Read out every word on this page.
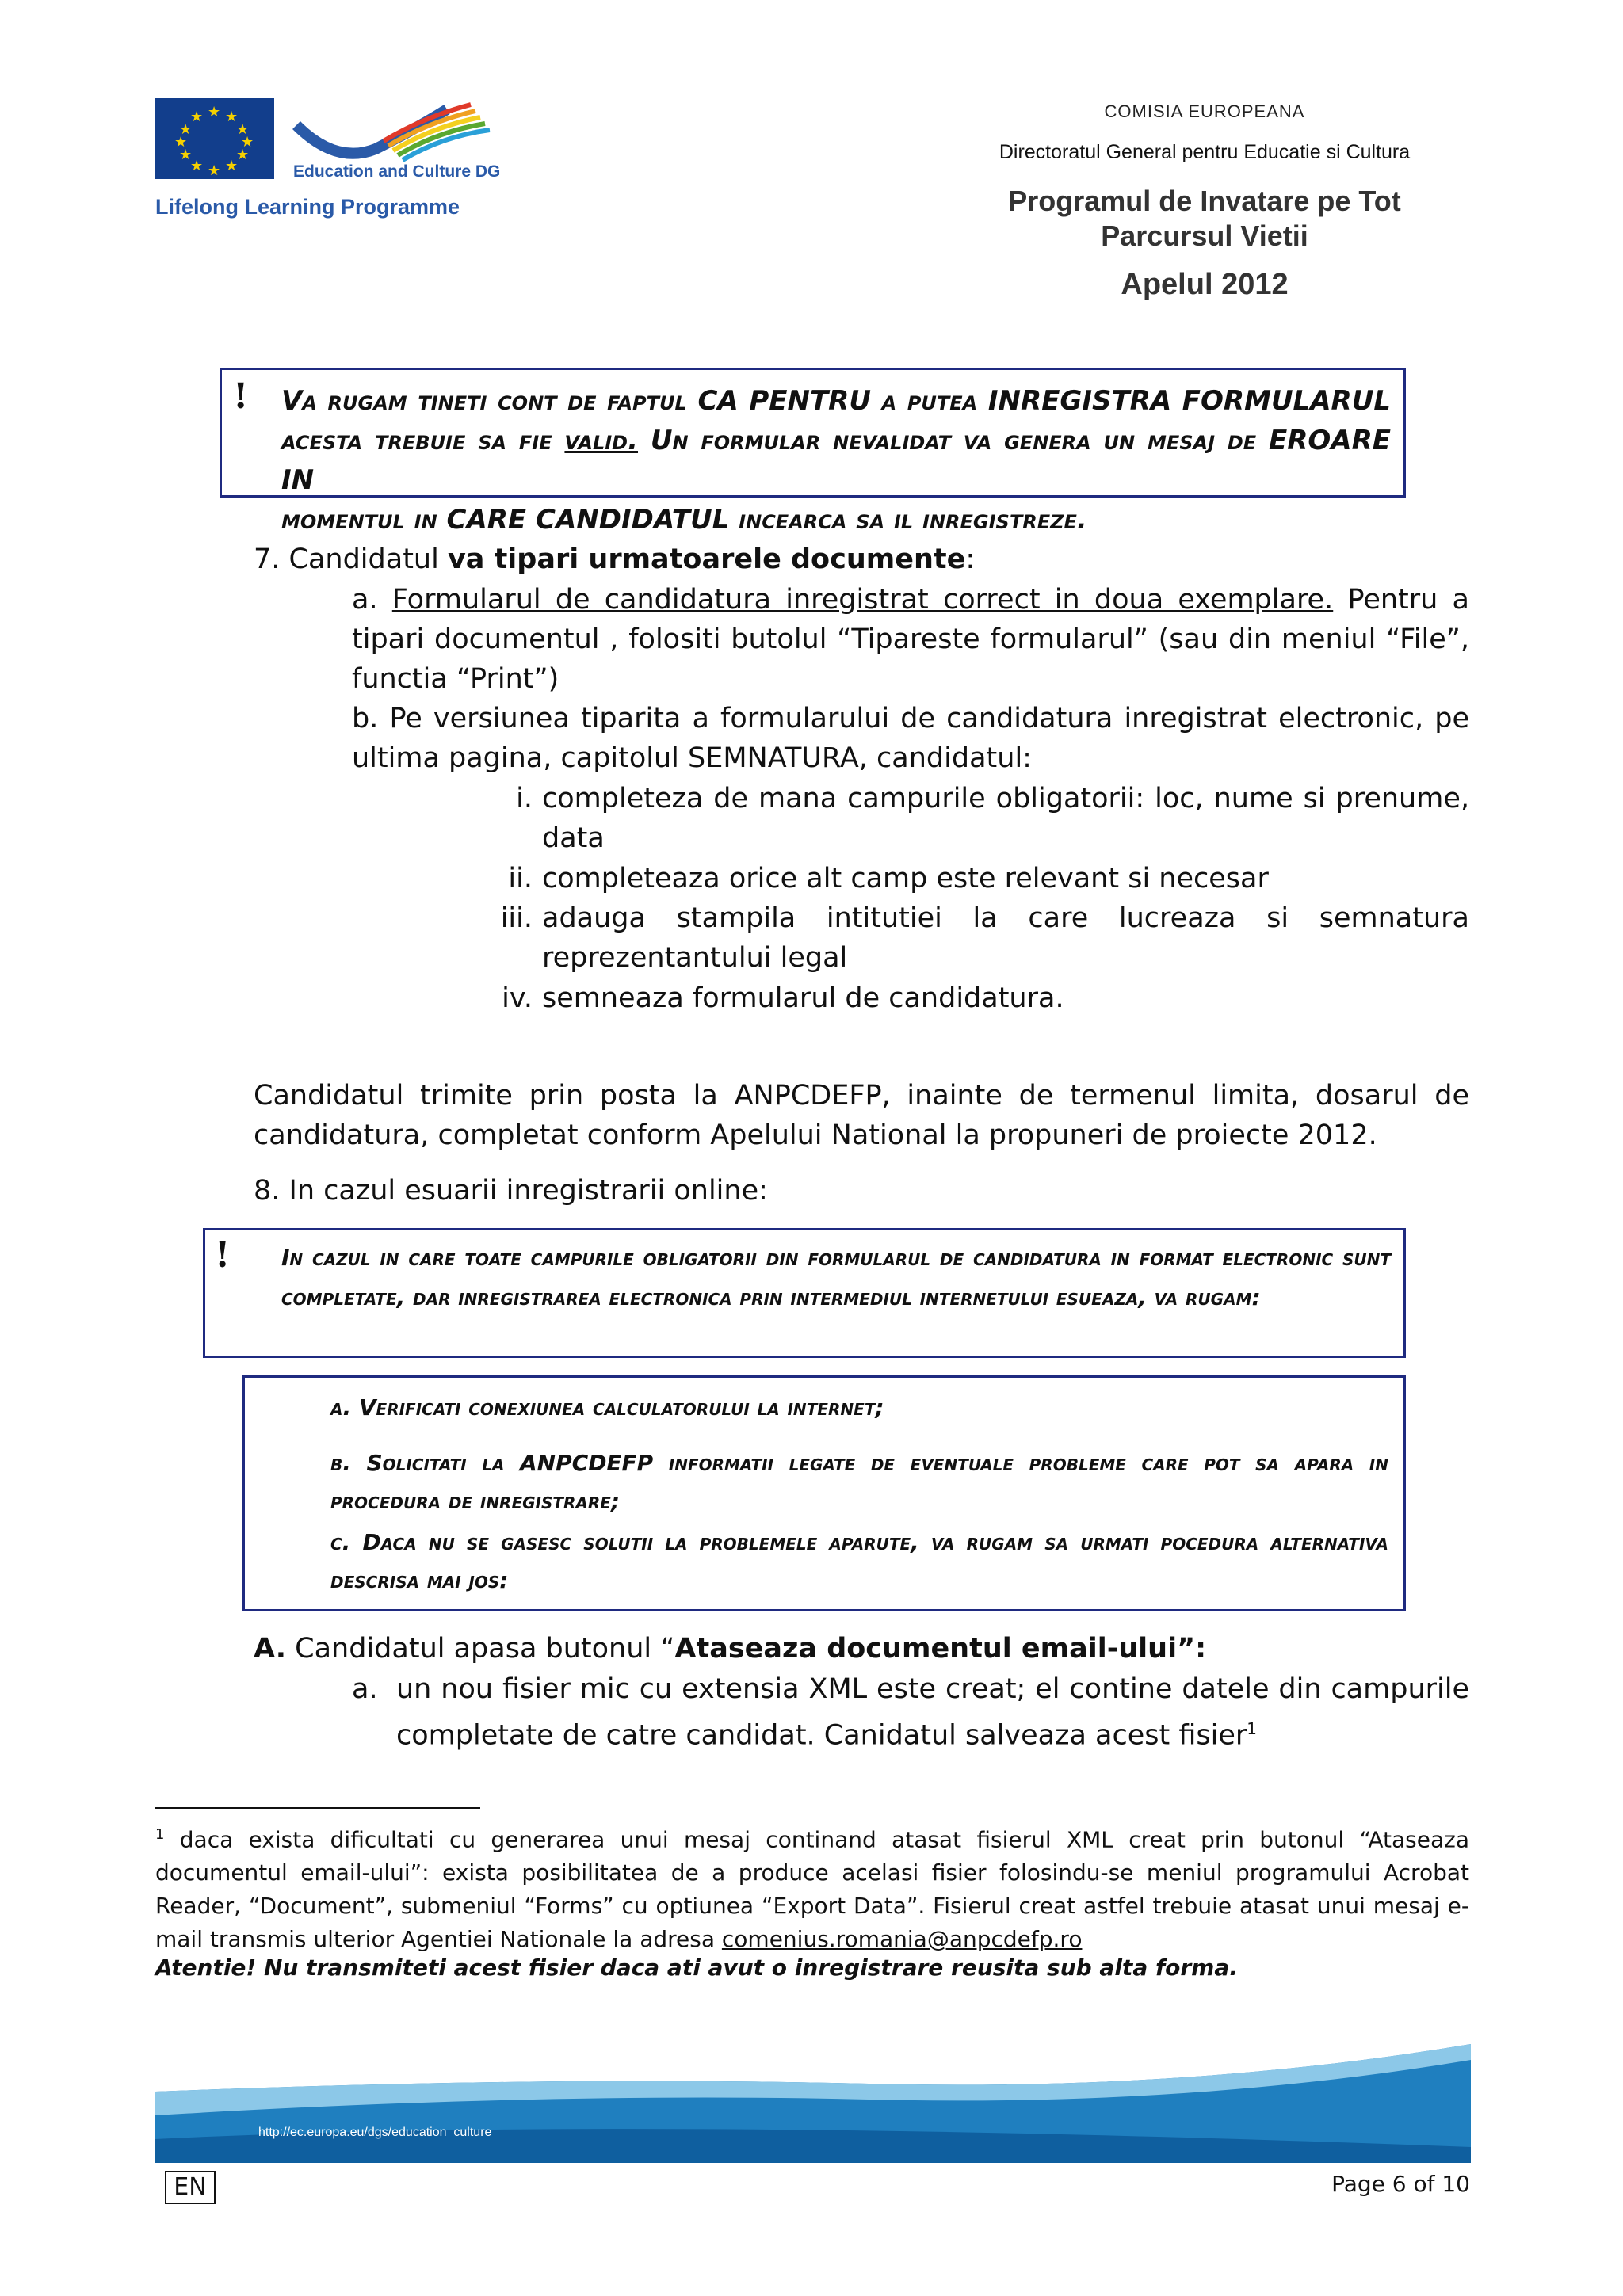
★ ★
★
★
★
★
★
★
★
★
★
★
Education and Culture DG
Lifelong Learning Programme
COMISIA EUROPEANA
Directoratul General pentru Educatie si Cultura
Programul de Invatare pe Tot
Parcursul Vietii
Apelul 2012
! Va rugam tineti cont de faptul CA PENTRU a putea INREGISTRA FORMULARUL
acesta trebuie sa fie valid. Un formular nevalidat va genera un mesaj de EROARE IN
momentul in CARE CANDIDATUL incearca sa il inregistreze.
7. Candidatul va tipari urmatoarele documente:
a. Formularul de candidatura inregistrat correct in doua exemplare. Pentru a tipari documentul , folositi butolul “Tipareste formularul” (sau din meniul “File”, functia “Print”)
b. Pe versiunea tiparita a formularului de candidatura inregistrat electronic, pe ultima pagina, capitolul SEMNATURA, candidatul:
i. completeza de mana campurile obligatorii: loc, nume si prenume, data
ii. completeaza orice alt camp este relevant si necesar
iii. adauga stampila intitutiei la care lucreaza si semnatura reprezentantului legal
iv. semneaza formularul de candidatura.
Candidatul trimite prin posta la ANPCDEFP, inainte de termenul limita, dosarul de candidatura, completat conform Apelului National la propuneri de proiecte 2012.
8. In cazul esuarii inregistrarii online:
! In cazul in care toate campurile obligatorii din formularul de candidatura in format electronic sunt completate, dar inregistrarea electronica prin intermediul internetului esueaza, va rugam:
a. Verificati conexiunea calculatorului la internet;
b. Solicitati la ANPCDEFP informatii legate de eventuale probleme care pot sa apara in procedura de inregistrare;
c. Daca nu se gasesc solutii la problemele aparute, va rugam sa urmati pocedura alternativa descrisa mai jos:
A. Candidatul apasa butonul “Ataseaza documentul email-ului”:
a. un nou fisier mic cu extensia XML este creat; el contine datele din campurile completate de catre candidat. Canidatul salveaza acest fisier$^1$
$^1$ daca exista dificultati cu generarea unui mesaj continand atasat fisierul XML creat prin butonul “Ataseaza documentul email-ului”: exista posibilitatea de a produce acelasi fisier folosindu-se meniul programului Acrobat Reader, “Document”, submeniul “Forms” cu optiunea “Export Data”. Fisierul creat astfel trebuie atasat unui mesaj e-mail transmis ulterior Agentiei Nationale la adresa comenius.romania@anpcdefp.ro
Atentie! Nu transmiteti acest fisier daca ati avut o inregistrare reusita sub alta forma.
http://ec.europa.eu/dgs/education_culture
EN	Page 6 of 10
